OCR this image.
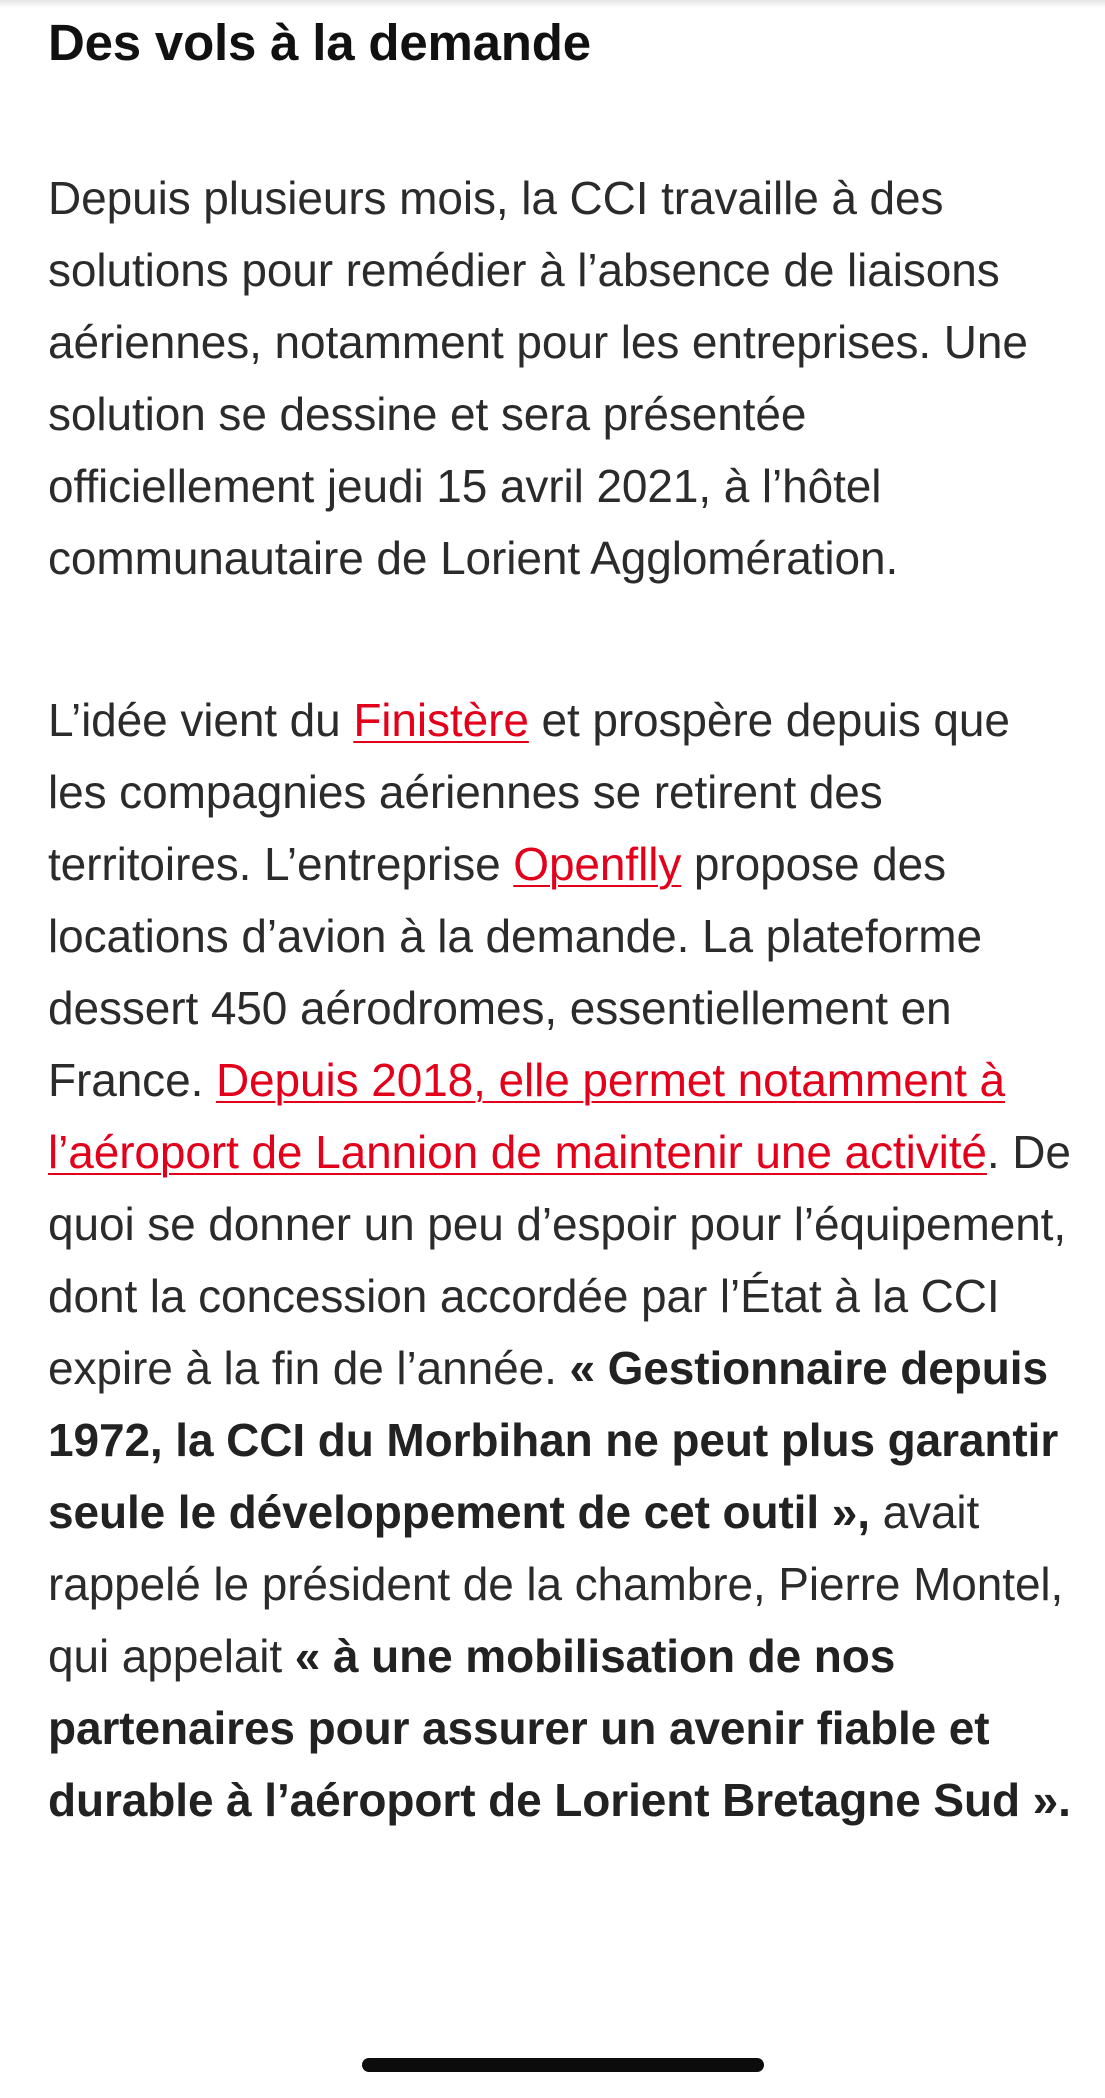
Des vols à la demande

Depuis plusieurs mois, la CCI travaille à des solutions pour remédier à l’absence de liaisons aériennes, notamment pour les entreprises. Une solution se dessine et sera présentée officiellement jeudi 15 avril 2021, à l’hôtel communautaire de Lorient Agglomération.

L’idée vient du Finistère et prospère depuis que les compagnies aériennes se retirent des territoires. L’entreprise Openflly propose des locations d’avion à la demande. La plateforme dessert 450 aérodromes, essentiellement en France. Depuis 2018, elle permet notamment à l’aéroport de Lannion de maintenir une activité. De quoi se donner un peu d’espoir pour l’équipement, dont la concession accordée par l’État à la CCI expire à la fin de l’année. « Gestionnaire depuis 1972, la CCI du Morbihan ne peut plus garantir seule le développement de cet outil », avait rappelé le président de la chambre, Pierre Montel, qui appelait « à une mobilisation de nos partenaires pour assurer un avenir fiable et durable à l’aéroport de Lorient Bretagne Sud ».
